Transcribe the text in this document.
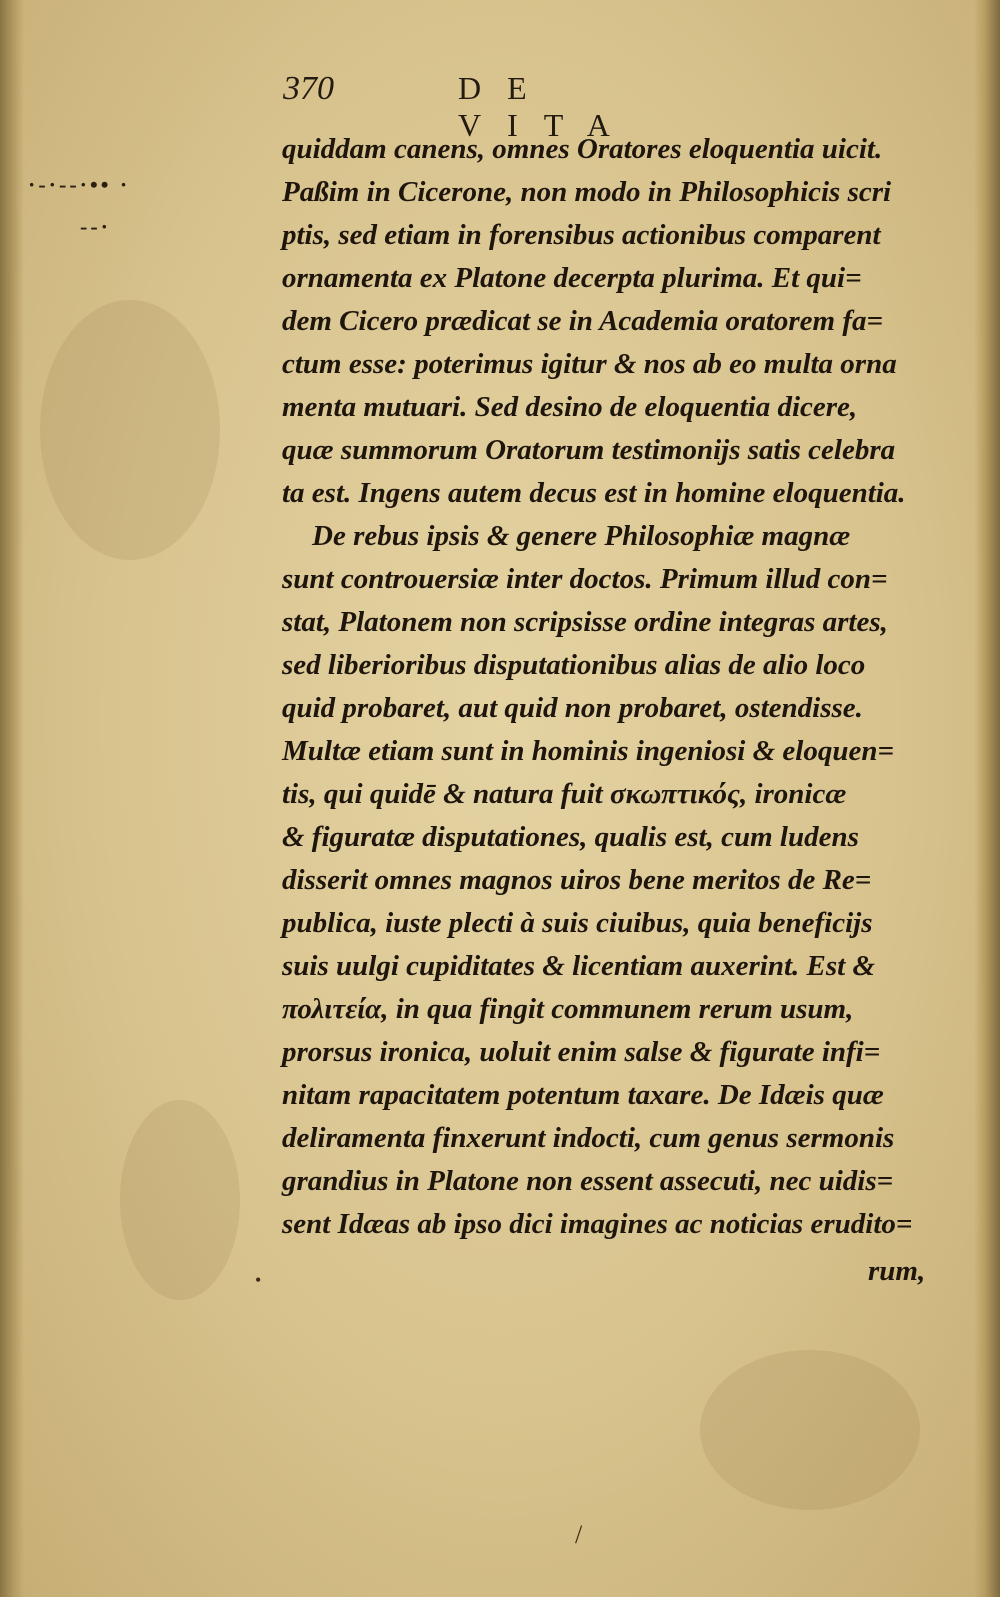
·-·--·•• ·
--·
370	DE VITA
quiddam canens, omnes Oratores eloquentia uicit.
Paßim in Cicerone, non modo in Philosophicis scri
ptis, sed etiam in forensibus actionibus comparent
ornamenta ex Platone decerpta plurima. Et qui=
dem Cicero prædicat se in Academia oratorem fa=
ctum esse: poterimus igitur & nos ab eo multa orna
menta mutuari. Sed desino de eloquentia dicere,
quæ summorum Oratorum testimonijs satis celebra
ta est. Ingens autem decus est in homine eloquentia.
De rebus ipsis & genere Philosophiæ magnæ
sunt controuersiæ inter doctos. Primum illud con=
stat, Platonem non scripsisse ordine integras artes,
sed liberioribus disputationibus alias de alio loco
quid probaret, aut quid non probaret, ostendisse.
Multæ etiam sunt in hominis ingeniosi & eloquen=
tis, qui quidē & natura fuit σκωπτικός, ironicæ
& figuratæ disputationes, qualis est, cum ludens
disserit omnes magnos uiros bene meritos de Re=
publica, iuste plecti à suis ciuibus, quia beneficijs
suis uulgi cupiditates & licentiam auxerint. Est &
πολιτεία, in qua fingit communem rerum usum,
prorsus ironica, uoluit enim salse & figurate infi=
nitam rapacitatem potentum taxare. De Idæis quæ
deliramenta finxerunt indocti, cum genus sermonis
grandius in Platone non essent assecuti, nec uidis=
sent Idæas ab ipso dici imagines ac noticias erudito=
rum,
/
•
